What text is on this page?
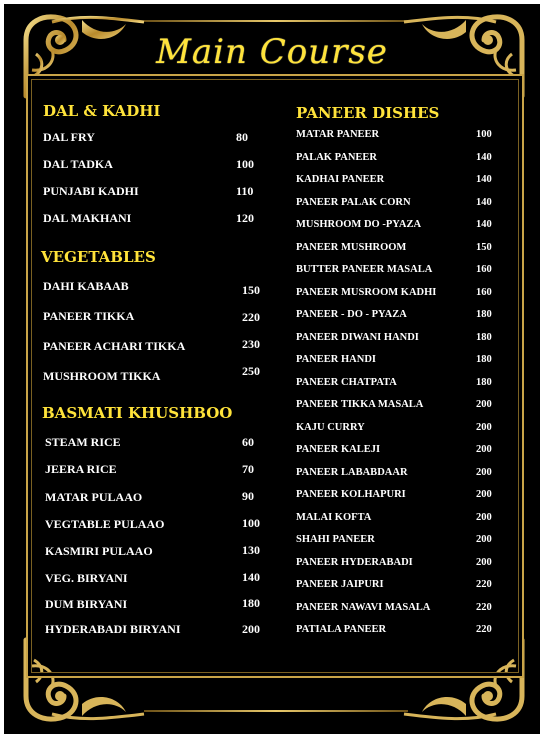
Main Course
DAL & KADHI
DAL FRY	80
DAL TADKA	100
PUNJABI KADHI	110
DAL MAKHANI	120
VEGETABLES
DAHI KABAAB	150
PANEER TIKKA	220
PANEER ACHARI TIKKA	230
MUSHROOM TIKKA	250
BASMATI KHUSHBOO
STEAM RICE	60
JEERA RICE	70
MATAR PULAAO	90
VEGTABLE PULAAO	100
KASMIRI PULAAO	130
VEG. BIRYANI	140
DUM BIRYANI	180
HYDERABADI BIRYANI	200
PANEER DISHES
MATAR PANEER	100
PALAK PANEER	140
KADHAI PANEER	140
PANEER PALAK CORN	140
MUSHROOM DO -PYAZA	140
PANEER MUSHROOM	150
BUTTER PANEER MASALA	160
PANEER MUSROOM KADHI	160
PANEER - DO - PYAZA	180
PANEER DIWANI HANDI	180
PANEER HANDI	180
PANEER CHATPATA	180
PANEER TIKKA MASALA	200
KAJU CURRY	200
PANEER KALEJI	200
PANEER LABABDAAR	200
PANEER KOLHAPURI	200
MALAI KOFTA	200
SHAHI PANEER	200
PANEER HYDERABADI	200
PANEER JAIPURI	220
PANEER NAWAVI MASALA	220
PATIALA PANEER	220
